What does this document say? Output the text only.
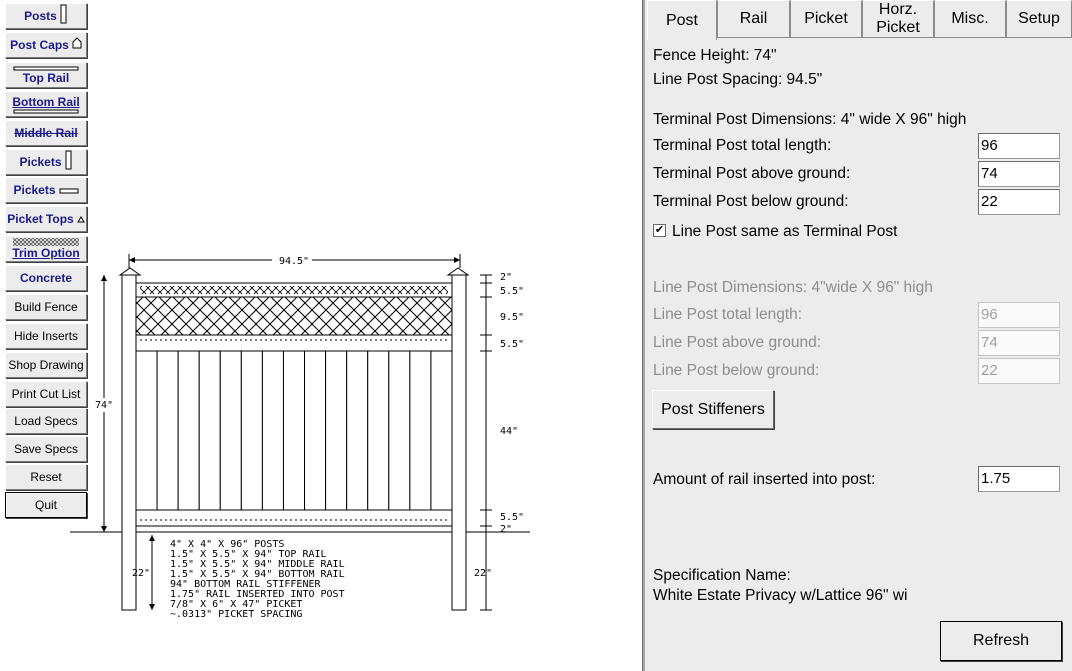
Posts
Post Caps
Top Rail
Bottom Rail
Middle Rail
Pickets
Pickets
Picket Tops
Trim Option
Concrete
Build Fence
Hide Inserts
Shop Drawing
Print Cut List
Load Specs
Save Specs
Reset
Quit
94.5"
74"
22"
2"
5.5"
9.5"
5.5"
44"
5.5"
2"
22"
4" X 4" X 96" POSTS
1.5" X 5.5" X 94" TOP RAIL
1.5" X 5.5" X 94" MIDDLE RAIL
1.5" X 5.5" X 94" BOTTOM RAIL
94" BOTTOM RAIL STIFFENER
1.75" RAIL INSERTED INTO POST
7/8" X 6" X 47" PICKET
~.0313" PICKET SPACING
Post	Rail Picket
Horz. Picket
Misc. Setup
Fence Height: 74"
Line Post Spacing: 94.5"
Terminal Post Dimensions: 4" wide X 96" high
Terminal Post total length:	96
Terminal Post above ground:	74
Terminal Post below ground:	22
✔ Line Post same as Terminal Post
Line Post Dimensions: 4"wide X 96" high
Line Post total length:	96
Line Post above ground:	74
Line Post below ground:	22
Post Stiffeners
Amount of rail inserted into post:	1.75
Specification Name:
White Estate Privacy w/Lattice 96" wi
Refresh
